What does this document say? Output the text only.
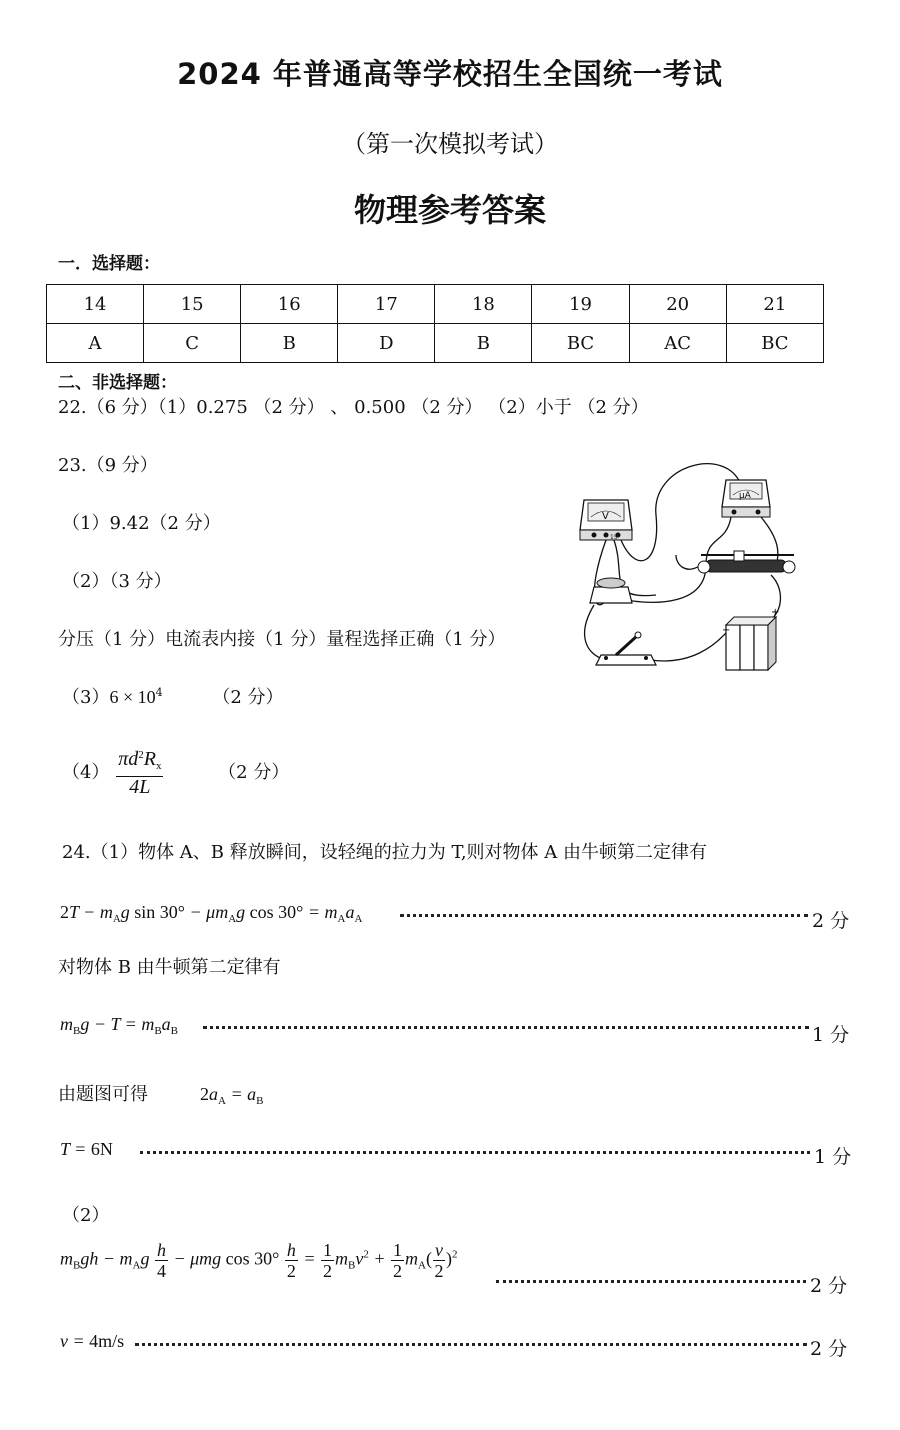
2024 年普通高等学校招生全国统一考试
（第一次模拟考试）
物理参考答案
一．选择题：
14	15	16	17	18	19	20	21
A	C	B	D	B	BC	AC	BC
二、非选择题：
22.（6 分）（1）0.275 （2 分） 、 0.500 （2 分） （2）小于 （2 分）
23.（9 分）
（1）9.42（2 分）
（2）（3 分）
分压（1 分）电流表内接（1 分）量程选择正确（1 分）
$(3)6 \times 10^4$	（2 分）
$(4) \frac{\pi d^2R_x}{4L}$	（2 分）
V
15
μA
−
+
24.（1）物体 A、B 释放瞬间，设轻绳的拉力为 T,则对物体 A 由牛顿第二定律有
$2T - m_Ag$ $\sin 30^\circ - \mu m_Ag$ $\cos 30^\circ = m_Aa_A$	2 分
对物体 B 由牛顿第二定律有
$m_Bg - T = m_Ba_B$	1 分
由题图可得	$2a_A = a_B$
T = 6N	1 分
（2）
$m_Bgh - m_Ag \frac{h}{4} - \mu mg$ $\cos 30^\circ \frac{h}{2} = \frac{1}{2} m_Bv^2 + \frac{1}{2} m_A( \frac{v}{2} )^2$
2 分
v = 4m/s	2 分
